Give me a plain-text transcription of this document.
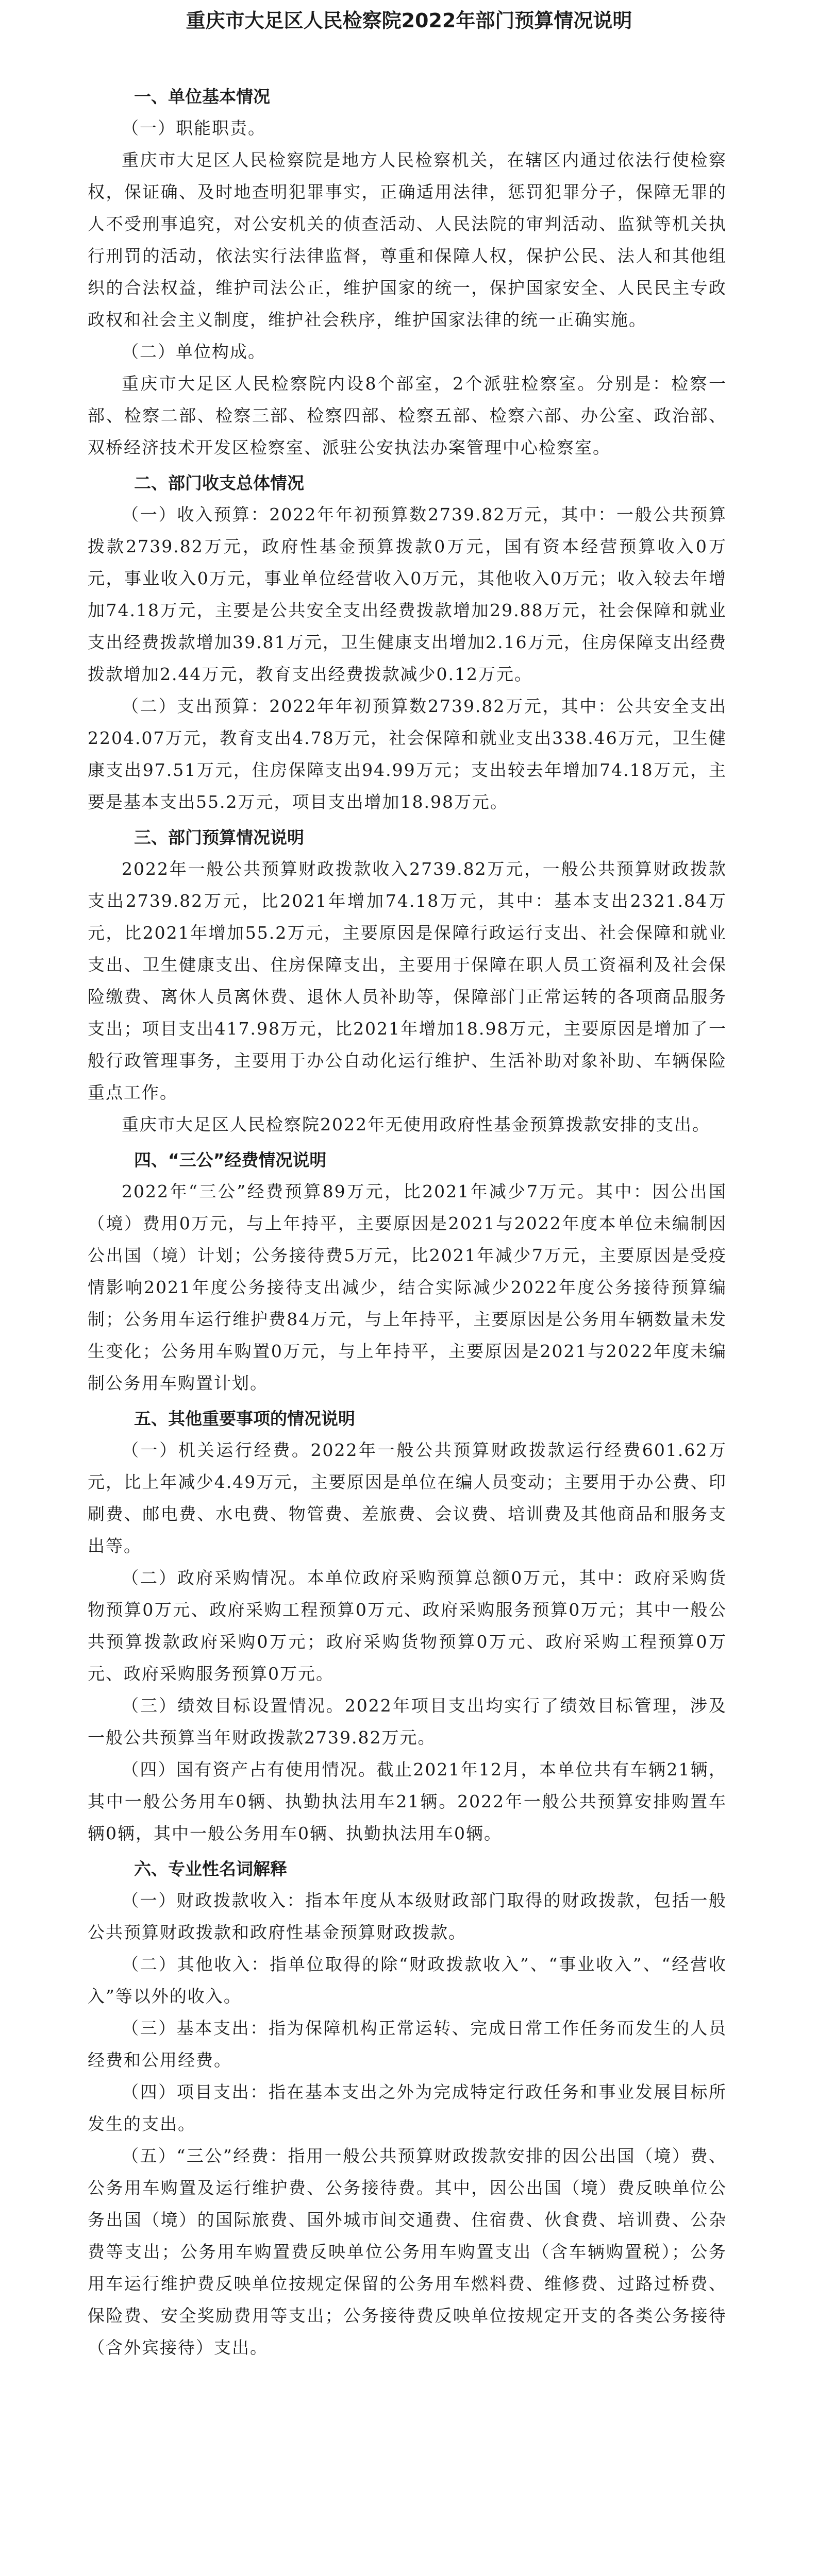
重庆市大足区人民检察院2022年部门预算情况说明
一、单位基本情况

（一）职能职责。

重庆市大足区人民检察院是地方人民检察机关，在辖区内通过依法行使检察权，保证确、及时地查明犯罪事实，正确适用法律，惩罚犯罪分子，保障无罪的人不受刑事追究，对公安机关的侦查活动、人民法院的审判活动、监狱等机关执行刑罚的活动，依法实行法律监督，尊重和保障人权，保护公民、法人和其他组织的合法权益，维护司法公正，维护国家的统一，保护国家安全、人民民主专政政权和社会主义制度，维护社会秩序，维护国家法律的统一正确实施。

（二）单位构成。

重庆市大足区人民检察院内设8个部室，2个派驻检察室。分别是：检察一部、检察二部、检察三部、检察四部、检察五部、检察六部、办公室、政治部、双桥经济技术开发区检察室、派驻公安执法办案管理中心检察室。

二、部门收支总体情况

（一）收入预算：2022年年初预算数2739.82万元，其中：一般公共预算拨款2739.82万元，政府性基金预算拨款0万元，国有资本经营预算收入0万元，事业收入0万元，事业单位经营收入0万元，其他收入0万元；收入较去年增加74.18万元，主要是公共安全支出经费拨款增加29.88万元，社会保障和就业支出经费拨款增加39.81万元，卫生健康支出增加2.16万元，住房保障支出经费拨款增加2.44万元，教育支出经费拨款减少0.12万元。

（二）支出预算：2022年年初预算数2739.82万元，其中：公共安全支出2204.07万元，教育支出4.78万元，社会保障和就业支出338.46万元，卫生健康支出97.51万元，住房保障支出94.99万元；支出较去年增加74.18万元，主要是基本支出55.2万元，项目支出增加18.98万元。

三、部门预算情况说明

2022年一般公共预算财政拨款收入2739.82万元，一般公共预算财政拨款支出2739.82万元，比2021年增加74.18万元，其中：基本支出2321.84万元，比2021年增加55.2万元，主要原因是保障行政运行支出、社会保障和就业支出、卫生健康支出、住房保障支出，主要用于保障在职人员工资福利及社会保险缴费、离休人员离休费、退休人员补助等，保障部门正常运转的各项商品服务支出；项目支出417.98万元，比2021年增加18.98万元，主要原因是增加了一般行政管理事务，主要用于办公自动化运行维护、生活补助对象补助、车辆保险重点工作。

重庆市大足区人民检察院2022年无使用政府性基金预算拨款安排的支出。

四、“三公”经费情况说明

2022年“三公”经费预算89万元，比2021年减少7万元。其中：因公出国（境）费用0万元，与上年持平，主要原因是2021与2022年度本单位未编制因公出国（境）计划；公务接待费5万元，比2021年减少7万元，主要原因是受疫情影响2021年度公务接待支出减少，结合实际减少2022年度公务接待预算编制；公务用车运行维护费84万元，与上年持平，主要原因是公务用车辆数量未发生变化；公务用车购置0万元，与上年持平，主要原因是2021与2022年度未编制公务用车购置计划。

五、其他重要事项的情况说明

（一）机关运行经费。2022年一般公共预算财政拨款运行经费601.62万元，比上年减少4.49万元，主要原因是单位在编人员变动；主要用于办公费、印刷费、邮电费、水电费、物管费、差旅费、会议费、培训费及其他商品和服务支出等。

（二）政府采购情况。本单位政府采购预算总额0万元，其中：政府采购货物预算0万元、政府采购工程预算0万元、政府采购服务预算0万元；其中一般公共预算拨款政府采购0万元；政府采购货物预算0万元、政府采购工程预算0万元、政府采购服务预算0万元。

（三）绩效目标设置情况。2022年项目支出均实行了绩效目标管理，涉及一般公共预算当年财政拨款2739.82万元。

（四）国有资产占有使用情况。截止2021年12月，本单位共有车辆21辆，其中一般公务用车0辆、执勤执法用车21辆。2022年一般公共预算安排购置车辆0辆，其中一般公务用车0辆、执勤执法用车0辆。

六、专业性名词解释

（一）财政拨款收入：指本年度从本级财政部门取得的财政拨款，包括一般公共预算财政拨款和政府性基金预算财政拨款。

（二）其他收入：指单位取得的除“财政拨款收入”、“事业收入”、“经营收入”等以外的收入。

（三）基本支出：指为保障机构正常运转、完成日常工作任务而发生的人员经费和公用经费。

（四）项目支出：指在基本支出之外为完成特定行政任务和事业发展目标所发生的支出。

（五）“三公”经费：指用一般公共预算财政拨款安排的因公出国（境）费、公务用车购置及运行维护费、公务接待费。其中，因公出国（境）费反映单位公务出国（境）的国际旅费、国外城市间交通费、住宿费、伙食费、培训费、公杂费等支出；公务用车购置费反映单位公务用车购置支出（含车辆购置税）；公务用车运行维护费反映单位按规定保留的公务用车燃料费、维修费、过路过桥费、保险费、安全奖励费用等支出；公务接待费反映单位按规定开支的各类公务接待（含外宾接待）支出。
